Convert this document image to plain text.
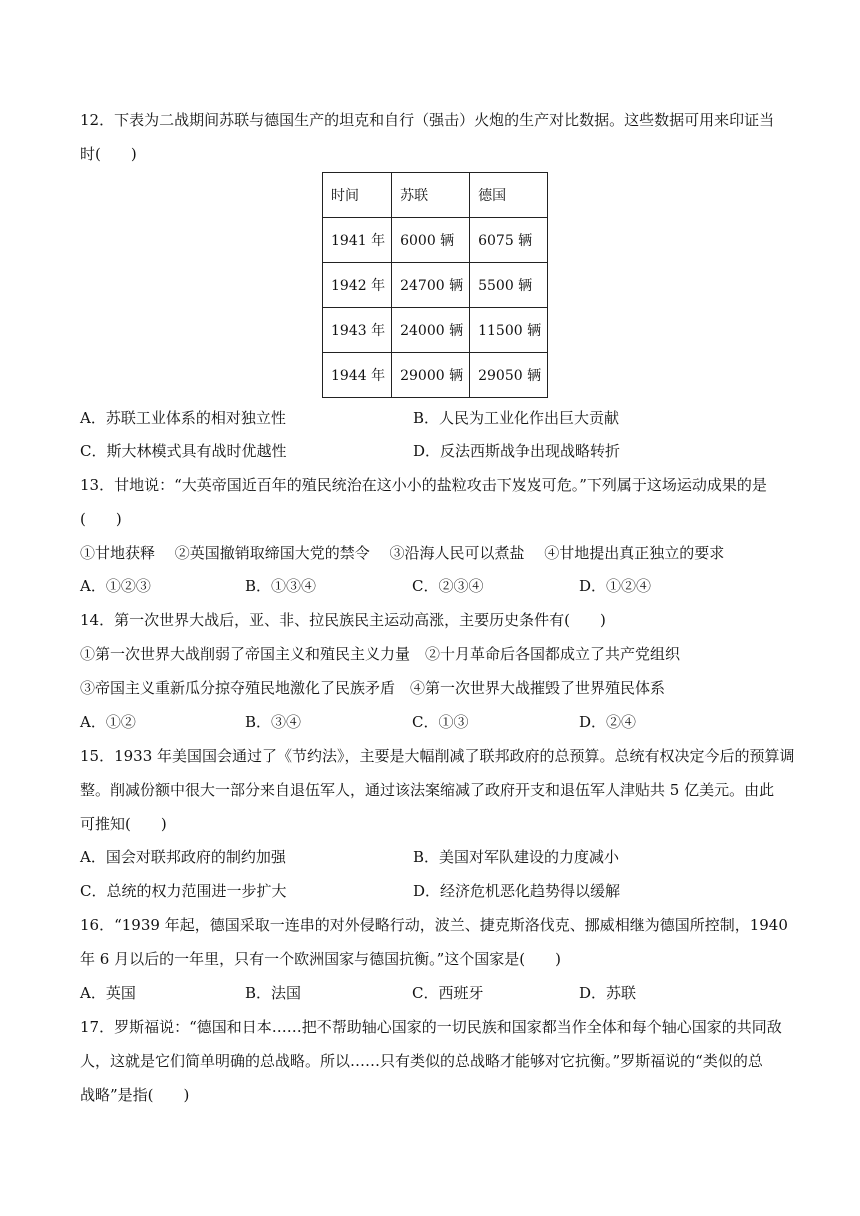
12．下表为二战期间苏联与德国生产的坦克和自行（强击）火炮的生产对比数据。这些数据可用来印证当
时(　　)
时间	苏联	德国
1941 年	6000 辆	6075 辆
1942 年	24700 辆	5500 辆
1943 年	24000 辆	11500 辆
1944 年	29000 辆	29050 辆
A．苏联工业体系的相对独立性	B．人民为工业化作出巨大贡献
C．斯大林模式具有战时优越性	D．反法西斯战争出现战略转折
13．甘地说：“大英帝国近百年的殖民统治在这小小的盐粒攻击下岌岌可危。”下列属于这场运动成果的是
(　　)
①甘地获释　 ②英国撤销取缔国大党的禁令　 ③沿海人民可以煮盐　 ④甘地提出真正独立的要求
A．①②③	B．①③④	C．②③④	D．①②④
14．第一次世界大战后，亚、非、拉民族民主运动高涨，主要历史条件有(　　)
①第一次世界大战削弱了帝国主义和殖民主义力量　②十月革命后各国都成立了共产党组织
③帝国主义重新瓜分掠夺殖民地激化了民族矛盾　④第一次世界大战摧毁了世界殖民体系
A．①②	B．③④	C．①③	D．②④
15．1933 年美国国会通过了《节约法》，主要是大幅削减了联邦政府的总预算。总统有权决定今后的预算调
整。削减份额中很大一部分来自退伍军人，通过该法案缩减了政府开支和退伍军人津贴共 5 亿美元。由此
可推知(　　)
A．国会对联邦政府的制约加强	B．美国对军队建设的力度减小
C．总统的权力范围进一步扩大	D．经济危机恶化趋势得以缓解
16．“1939 年起，德国采取一连串的对外侵略行动，波兰、捷克斯洛伐克、挪威相继为德国所控制，1940
年 6 月以后的一年里，只有一个欧洲国家与德国抗衡。”这个国家是(　　)
A．英国	B．法国	C．西班牙	D．苏联
17．罗斯福说：“德国和日本……把不帮助轴心国家的一切民族和国家都当作全体和每个轴心国家的共同敌
人，这就是它们简单明确的总战略。所以……只有类似的总战略才能够对它抗衡。”罗斯福说的“类似的总
战略”是指(　　)
